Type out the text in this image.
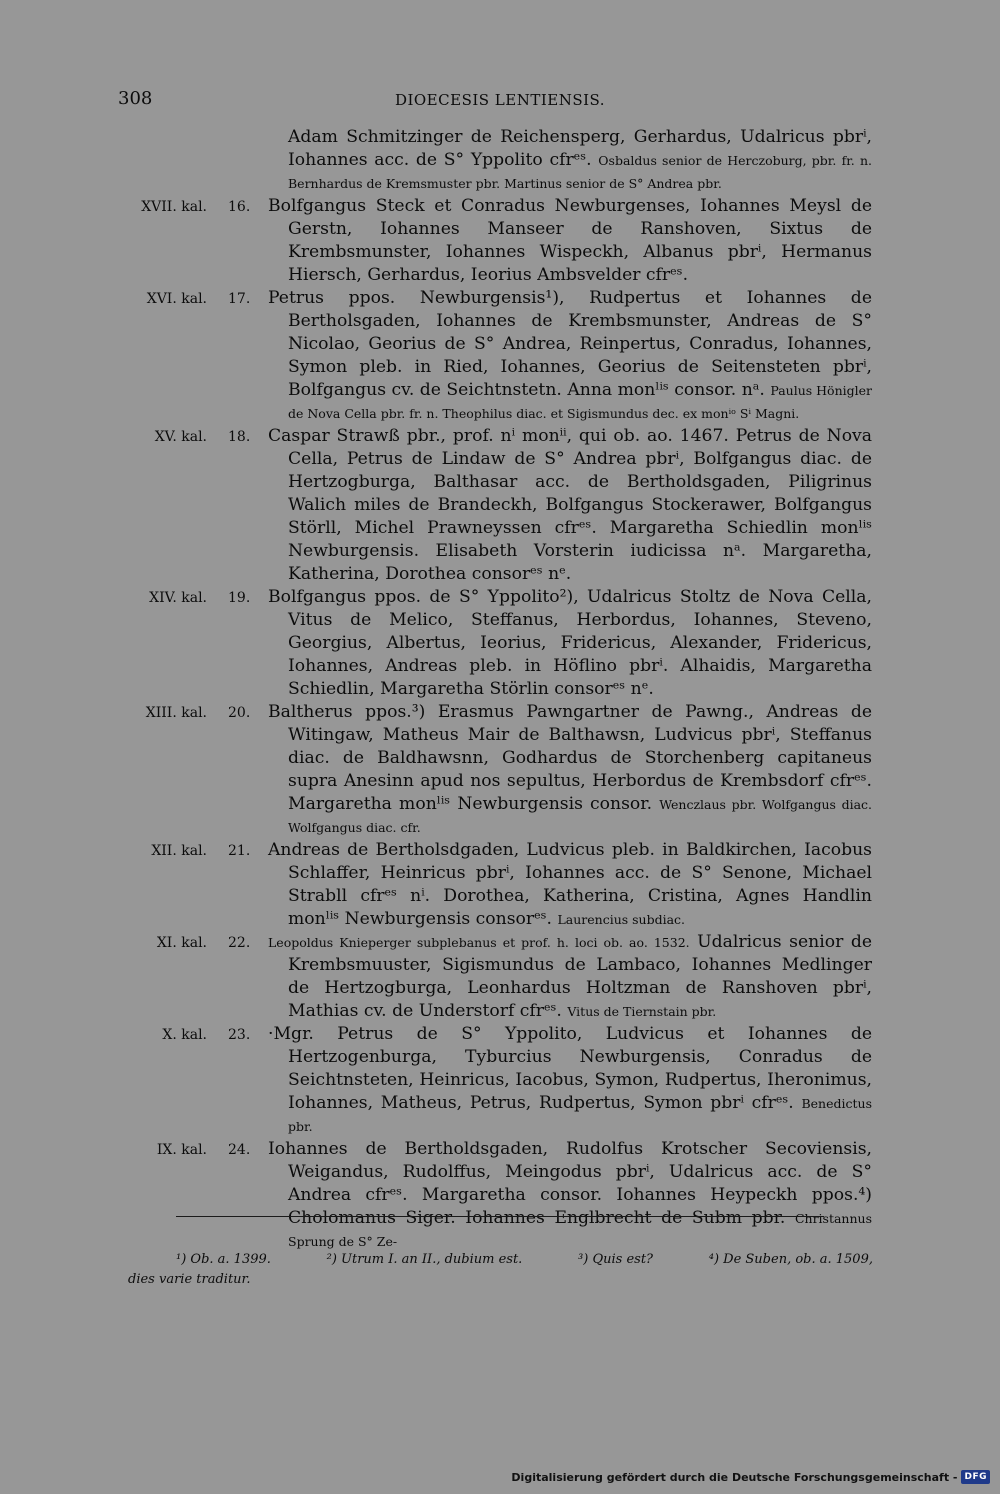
308	DIOECESIS LENTIENSIS.
Adam Schmitzinger de Reichensperg, Gerhardus, Udalricus pbrⁱ, Iohannes acc. de S° Yppolito cfrᵉˢ. Osbaldus senior de Herczoburg, pbr. fr. n. Bernhardus de Kremsmuster pbr. Martinus senior de S° Andrea pbr.
XVII. kal. 16. Bolfgangus Steck et Conradus Newburgenses, Iohannes Meysl de Gerstn, Iohannes Manseer de Ranshoven, Sixtus de Krembsmunster, Iohannes Wispeckh, Albanus pbrⁱ, Hermanus Hiersch, Gerhardus, Ieorius Ambsvelder cfrᵉˢ.
XVI. kal. 17. Petrus ppos. Newburgensis¹), Rudpertus et Iohannes de Bertholsgaden, Iohannes de Krembsmunster, Andreas de S° Nicolao, Georius de S° Andrea, Reinpertus, Conradus, Iohannes, Symon pleb. in Ried, Iohannes, Georius de Seitensteten pbrⁱ, Bolfgangus cv. de Seichtnstetn. Anna monˡⁱˢ consor. nᵃ. Paulus Hönigler de Nova Cella pbr. fr. n. Theophilus diac. et Sigismundus dec. ex monⁱᵒ Sⁱ Magni.
XV. kal. 18. Caspar Strawß pbr., prof. nⁱ monⁱⁱ, qui ob. ao. 1467. Petrus de Nova Cella, Petrus de Lindaw de S° Andrea pbrⁱ, Bolfgangus diac. de Hertzogburga, Balthasar acc. de Bertholdsgaden, Piligrinus Walich miles de Brandeckh, Bolfgangus Stockerawer, Bolfgangus Störll, Michel Prawneyssen cfrᵉˢ. Margaretha Schiedlin monˡⁱˢ Newburgensis. Elisabeth Vorsterin iudicissa nᵃ. Margaretha, Katherina, Dorothea consorᵉˢ nᵉ.
XIV. kal. 19. Bolfgangus ppos. de S° Yppolito²), Udalricus Stoltz de Nova Cella, Vitus de Melico, Steffanus, Herbordus, Iohannes, Steveno, Georgius, Albertus, Ieorius, Fridericus, Alexander, Fridericus, Iohannes, Andreas pleb. in Höflino pbrⁱ. Alhaidis, Margaretha Schiedlin, Margaretha Störlin consorᵉˢ nᵉ.
XIII. kal. 20. Baltherus ppos.³) Erasmus Pawngartner de Pawng., Andreas de Witingaw, Matheus Mair de Balthawsn, Ludvicus pbrⁱ, Steffanus diac. de Baldhawsnn, Godhardus de Storchenberg capitaneus supra Anesinn apud nos sepultus, Herbordus de Krembsdorf cfrᵉˢ. Margaretha monˡⁱˢ Newburgensis consor. Wenczlaus pbr. Wolfgangus diac. Wolfgangus diac. cfr.
XII. kal. 21. Andreas de Bertholsdgaden, Ludvicus pleb. in Baldkirchen, Iacobus Schlaffer, Heinricus pbrⁱ, Iohannes acc. de S° Senone, Michael Strabll cfrᵉˢ nⁱ. Dorothea, Katherina, Cristina, Agnes Handlin monˡⁱˢ Newburgensis consorᵉˢ. Laurencius subdiac.
XI. kal. 22. Leopoldus Knieperger subplebanus et prof. h. loci ob. ao. 1532. Udalricus senior de Krembsmuuster, Sigismundus de Lambaco, Iohannes Medlinger de Hertzogburga, Leonhardus Holtzman de Ranshoven pbrⁱ, Mathias cv. de Understorf cfrᵉˢ. Vitus de Tiernstain pbr.
X. kal. 23. ·Mgr. Petrus de S° Yppolito, Ludvicus et Iohannes de Hertzogenburga, Tyburcius Newburgensis, Conradus de Seichtnsteten, Heinricus, Iacobus, Symon, Rudpertus, Iheronimus, Iohannes, Matheus, Petrus, Rudpertus, Symon pbrⁱ cfrᵉˢ. Benedictus pbr.
IX. kal. 24. Iohannes de Bertholdsgaden, Rudolfus Krotscher Secoviensis, Weigandus, Rudolffus, Meingodus pbrⁱ, Udalricus acc. de S° Andrea cfrᵉˢ. Margaretha consor. Iohannes Heypeckh ppos.⁴) Cholomanus Siger. Iohannes Englbrecht de Subm pbr. Christannus Sprung de S° Ze-
¹) Ob. a. 1399.	²) Utrum I. an II., dubium est.	³) Quis est?	⁴) De Suben, ob. a. 1509,
dies varie traditur.
Digitalisierung gefördert durch die Deutsche Forschungsgemeinschaft - DFG
